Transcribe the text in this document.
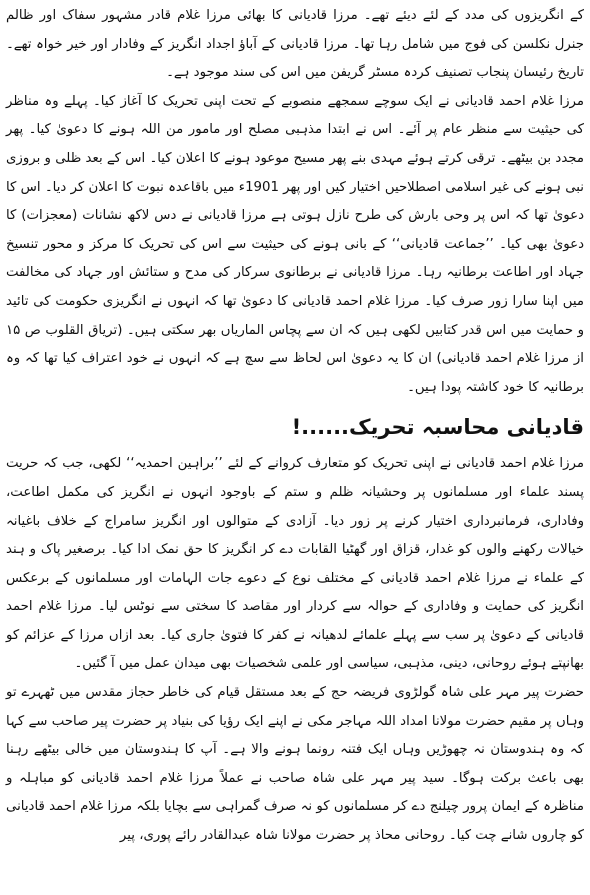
کے انگریزوں کی مدد کے لئے دیئے تھے۔ مرزا قادیانی کا بھائی مرزا غلام قادر مشہور سفاک اور ظالم جنرل نکلسن کی فوج میں شامل رہا تھا۔ مرزا قادیانی کے آباؤ اجداد انگریز کے وفادار اور خیر خواہ تھے۔ تاریخ رئیسان پنجاب تصنیف کردہ مسٹر گریفن میں اس کی سند موجود ہے۔

مرزا غلام احمد قادیانی نے ایک سوچے سمجھے منصوبے کے تحت اپنی تحریک کا آغاز کیا۔ پہلے وہ مناظر کی حیثیت سے منظر عام پر آئے۔ اس نے ابتدا مذہبی مصلح اور مامور من اللہ ہونے کا دعویٰ کیا۔ پھر مجدد بن بیٹھے۔ ترقی کرتے ہوئے مہدی بنے پھر مسیح موعود ہونے کا اعلان کیا۔ اس کے بعد ظلی و بروزی نبی ہونے کی غیر اسلامی اصطلاحیں اختیار کیں اور پھر 1901ء میں باقاعدہ نبوت کا اعلان کر دیا۔ اس کا دعویٰ تھا کہ اس پر وحی بارش کی طرح نازل ہوتی ہے مرزا قادیانی نے دس لاکھ نشانات (معجزات) کا دعویٰ بھی کیا۔ ’’جماعت قادیانی‘‘ کے بانی ہونے کی حیثیت سے اس کی تحریک کا مرکز و محور تنسیخ جہاد اور اطاعت برطانیہ رہا۔ مرزا قادیانی نے برطانوی سرکار کی مدح و ستائش اور جہاد کی مخالفت میں اپنا سارا زور صرف کیا۔ مرزا غلام احمد قادیانی کا دعویٰ تھا کہ انہوں نے انگریزی حکومت کی تائید و حمایت میں اس قدر کتابیں لکھی ہیں کہ ان سے پچاس الماریاں بھر سکتی ہیں۔ (تریاق القلوب ص ۱۵ از مرزا غلام احمد قادیانی) ان کا یہ دعویٰ اس لحاظ سے سچ ہے کہ انہوں نے خود اعتراف کیا تھا کہ وہ برطانیہ کا خود کاشتہ پودا ہیں۔

قادیانی محاسبہ تحریک......!

مرزا غلام احمد قادیانی نے اپنی تحریک کو متعارف کروانے کے لئے ’’براہین احمدیہ‘‘ لکھی، جب کہ حریت پسند علماء اور مسلمانوں پر وحشیانہ ظلم و ستم کے باوجود انہوں نے انگریز کی مکمل اطاعت، وفاداری، فرمانبرداری اختیار کرنے پر زور دیا۔ آزادی کے متوالوں اور انگریز سامراج کے خلاف باغیانہ خیالات رکھنے والوں کو غدار، قزاق اور گھٹیا القابات دے کر انگریز کا حق نمک ادا کیا۔ برصغیر پاک و ہند کے علماء نے مرزا غلام احمد قادیانی کے مختلف نوع کے دعوے جات الہامات اور مسلمانوں کے برعکس انگریز کی حمایت و وفاداری کے حوالہ سے کردار اور مقاصد کا سختی سے نوٹس لیا۔ مرزا غلام احمد قادیانی کے دعویٰ پر سب سے پہلے علمائے لدھیانہ نے کفر کا فتویٰ جاری کیا۔ بعد ازاں مرزا کے عزائم کو بھانپتے ہوئے روحانی، دینی، مذہبی، سیاسی اور علمی شخصیات بھی میدان عمل میں آ گئیں۔

حضرت پیر مہر علی شاہ گولڑوی فریضہ حج کے بعد مستقل قیام کی خاطر حجاز مقدس میں ٹھہرے تو وہاں پر مقیم حضرت مولانا امداد اللہ مہاجر مکی نے اپنے ایک رؤیا کی بنیاد پر حضرت پیر صاحب سے کہا کہ وہ ہندوستان نہ چھوڑیں وہاں ایک فتنہ رونما ہونے والا ہے۔ آپ کا ہندوستان میں خالی بیٹھے رہنا بھی باعث برکت ہوگا۔ سید پیر مہر علی شاہ صاحب نے عملاً مرزا غلام احمد قادیانی کو مباہلہ و مناظرہ کے ایمان پرور چیلنج دے کر مسلمانوں کو نہ صرف گمراہی سے بچایا بلکہ مرزا غلام احمد قادیانی کو چاروں شانے چت کیا۔ روحانی محاذ پر حضرت مولانا شاہ عبدالقادر رائے پوری، پیر
